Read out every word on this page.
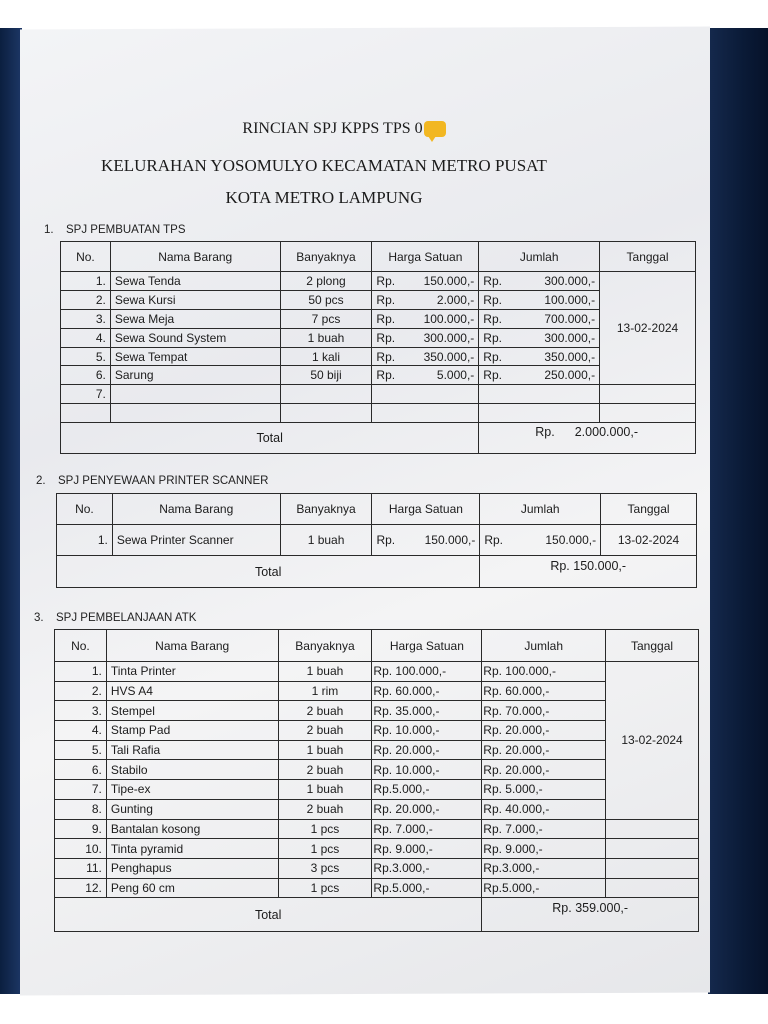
RINCIAN SPJ KPPS TPS 0
KELURAHAN YOSOMULYO KECAMATAN METRO PUSAT
KOTA METRO LAMPUNG
1. SPJ PEMBUATAN TPS
No.	Nama Barang	Banyaknya	Harga Satuan	Jumlah	Tanggal
1.	Sewa Tenda	2 plong	Rp. 150.000,-	Rp. 300.000,-	13-02-2024
2.	Sewa Kursi	50 pcs	Rp. 2.000,-	Rp. 100.000,-	

3.	Sewa Meja	7 pcs	Rp. 100.000,-	Rp. 700.000,-	

4.	Sewa Sound System	1 buah	Rp. 300.000,-	Rp. 300.000,-	

5.	Sewa Tempat	1 kali	Rp. 350.000,-	Rp. 350.000,-	

6.	Sarung	50 biji	Rp. 5.000,-	Rp. 250.000,-	

7.			

Total				Rp. 2.000.000,-	
2. SPJ PENYEWAAN PRINTER SCANNER
No.	Nama Barang	Banyaknya	Harga Satuan	Jumlah	Tanggal
1.	Sewa Printer Scanner	1 buah	Rp. 150.000,-	Rp. 150.000,-	13-02-2024
Total				Rp. 150.000,-	
3. SPJ PEMBELANJAAN ATK
No.	Nama Barang	Banyaknya	Harga Satuan	Jumlah	Tanggal
1.	Tinta Printer	1 buah	Rp. 100.000,-	Rp. 100.000,-	13-02-2024
2.	HVS A4	1 rim	Rp. 60.000,-	Rp. 60.000,-	
3.	Stempel	2 buah	Rp. 35.000,-	Rp. 70.000,-	
4.	Stamp Pad	2 buah	Rp. 10.000,-	Rp. 20.000,-	
5.	Tali Rafia	1 buah	Rp. 20.000,-	Rp. 20.000,-	
6.	Stabilo	2 buah	Rp. 10.000,-	Rp. 20.000,-	
7.	Tipe-ex	1 buah	Rp.5.000,-	Rp. 5.000,-	
8.	Gunting	2 buah	Rp. 20.000,-	Rp. 40.000,-	
9.	Bantalan kosong	1 pcs	Rp. 7.000,-	Rp. 7.000,-	
10.	Tinta pyramid	1 pcs	Rp. 9.000,-	Rp. 9.000,-	
11.	Penghapus	3 pcs	Rp.3.000,-	Rp.3.000,-	
12.	Peng 60 cm	1 pcs	Rp.5.000,-	Rp.5.000,-	
Total				Rp. 359.000,-	
